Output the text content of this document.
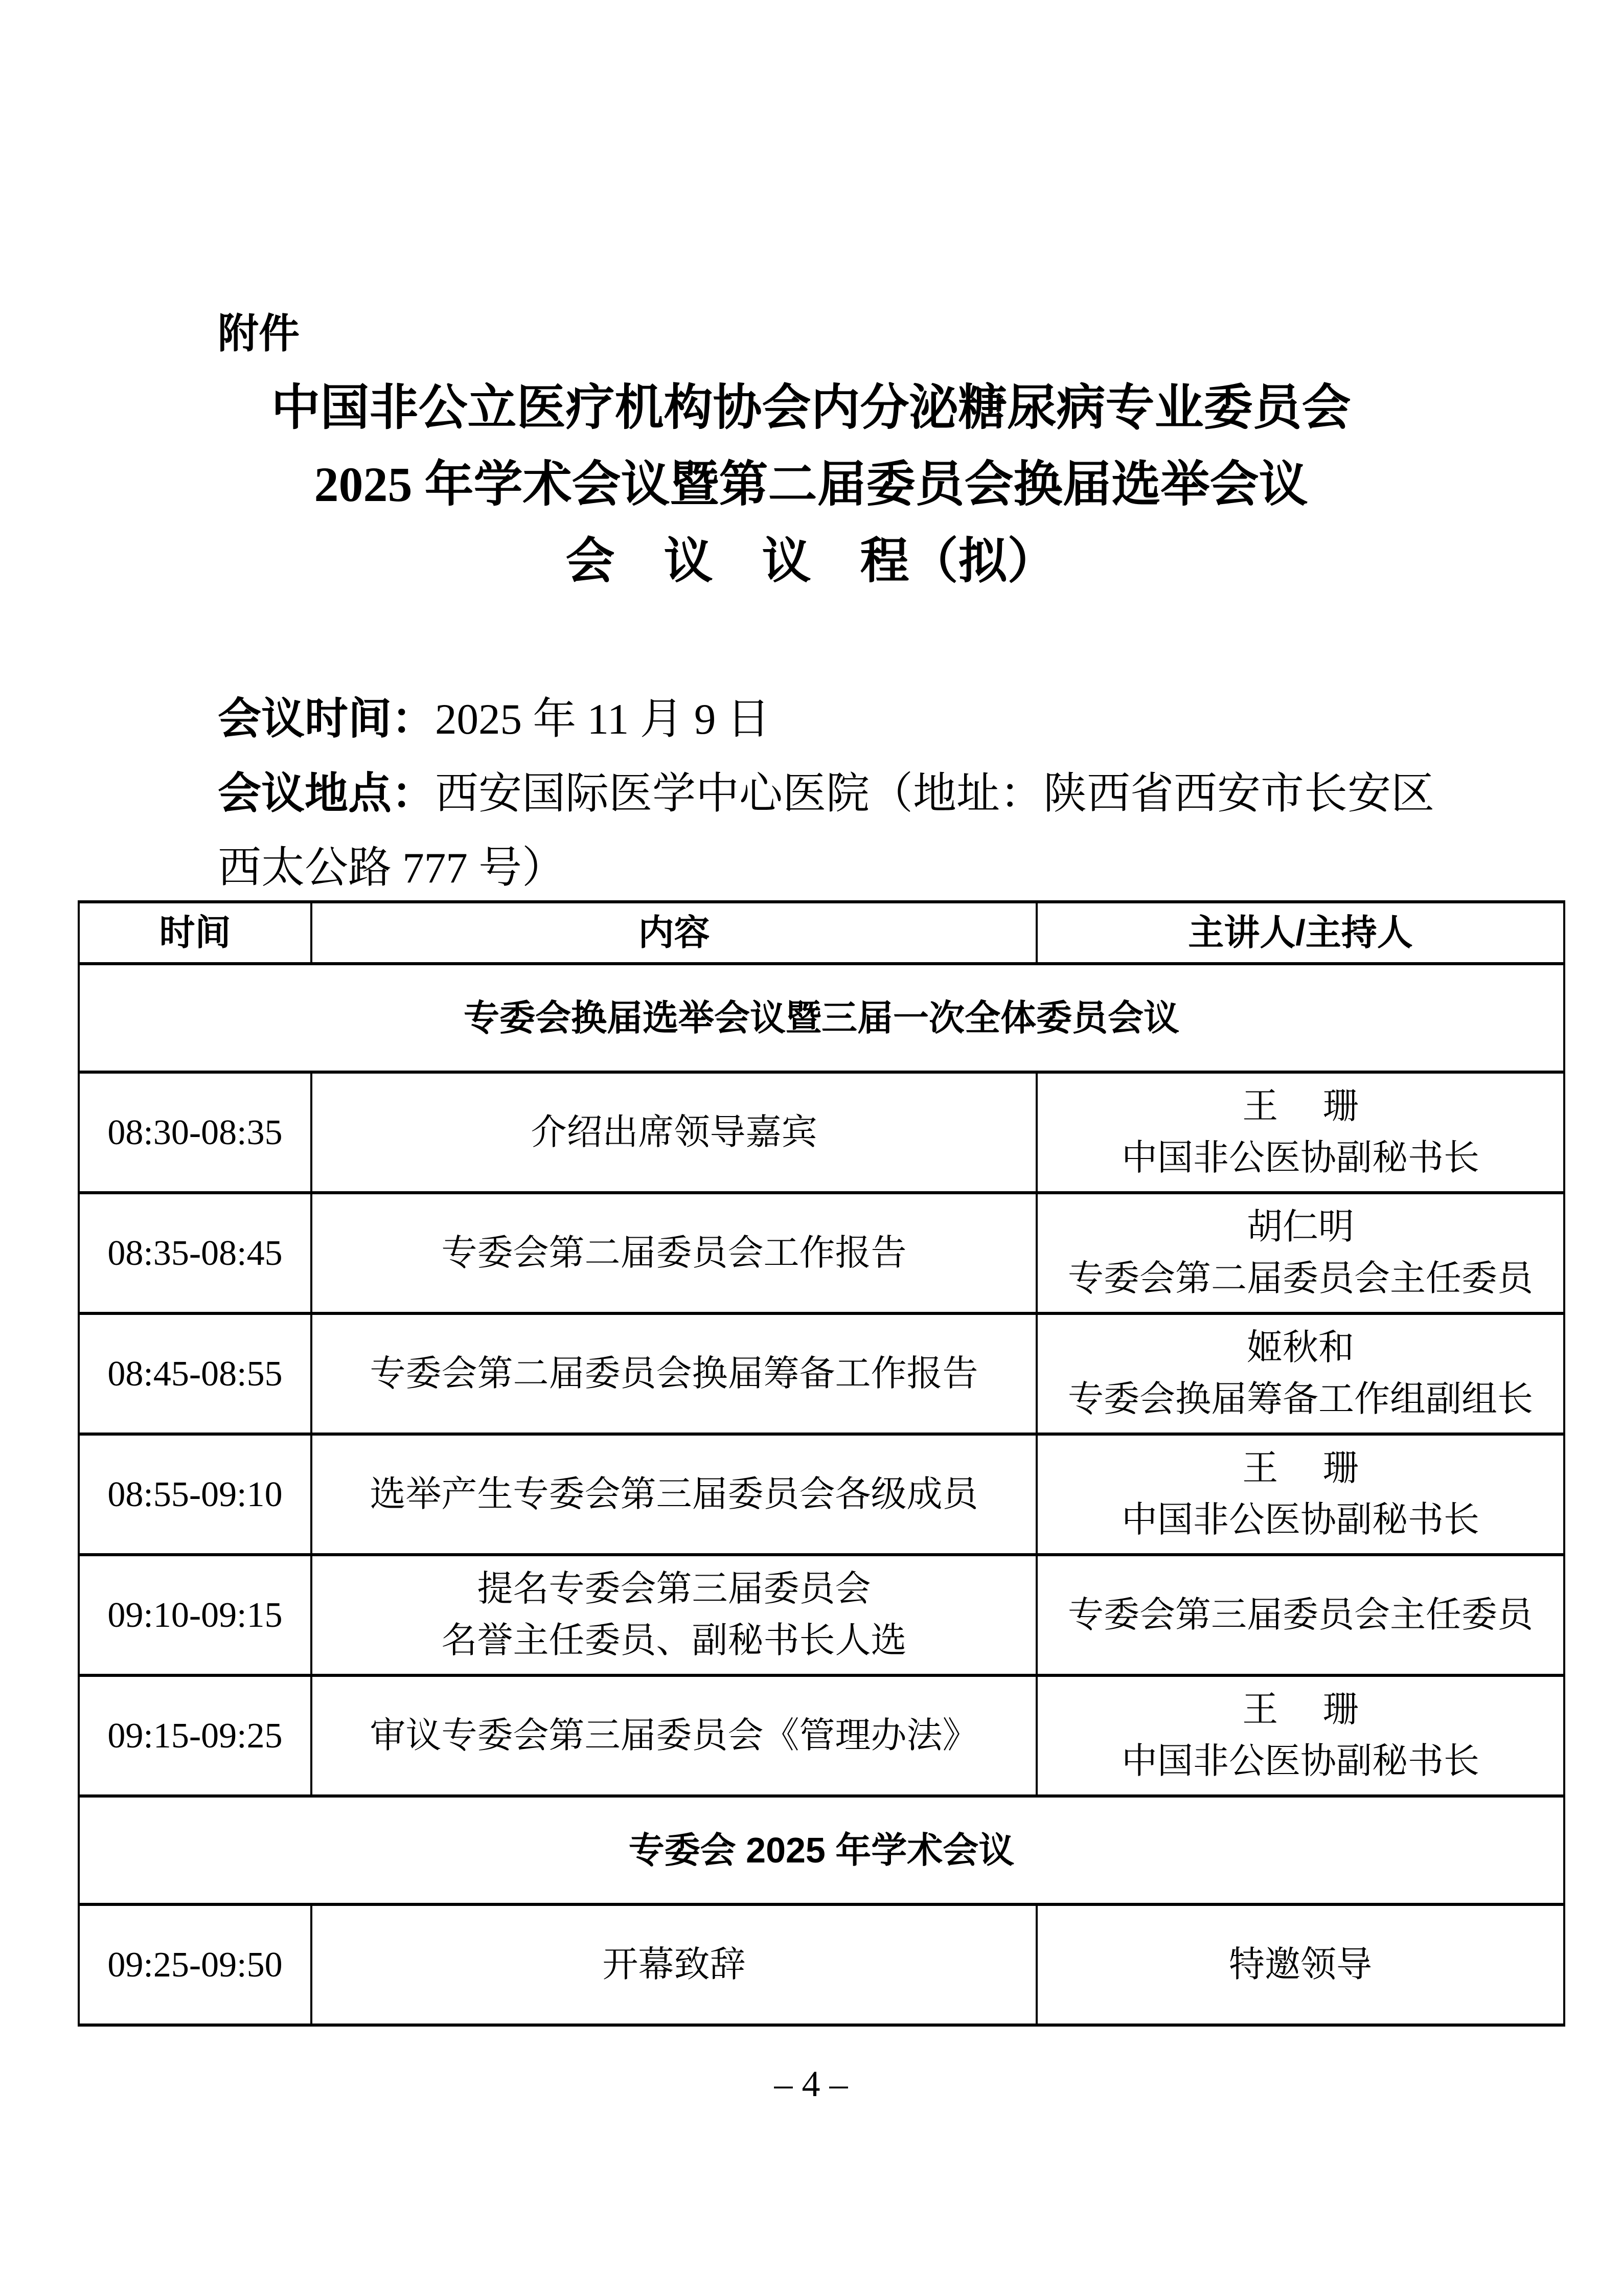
附件
中国非公立医疗机构协会内分泌糖尿病专业委员会
2025 年学术会议暨第二届委员会换届选举会议
会　议　议　程（拟）
会议时间：2025 年 11 月 9 日
会议地点：西安国际医学中心医院（地址：陕西省西安市长安区
西太公路 777 号）
时间	内容	主讲人/主持人
专委会换届选举会议暨三届一次全体委员会议		

08:30-08:35	介绍出席领导嘉宾	王　 珊
中国非公医协副秘书长

08:35-08:45	专委会第二届委员会工作报告	胡仁明
专委会第二届委员会主任委员

08:45-08:55	专委会第二届委员会换届筹备工作报告	姬秋和
专委会换届筹备工作组副组长

08:55-09:10	选举产生专委会第三届委员会各级成员	王　 珊
中国非公医协副秘书长

09:10-09:15	提名专委会第三届委员会
名誉主任委员、副秘书长人选	专委会第三届委员会主任委员

09:15-09:25	审议专委会第三届委员会《管理办法》	王　 珊
中国非公医协副秘书长

专委会 2025 年学术会议		

09:25-09:50	开幕致辞	特邀领导
– 4 –
